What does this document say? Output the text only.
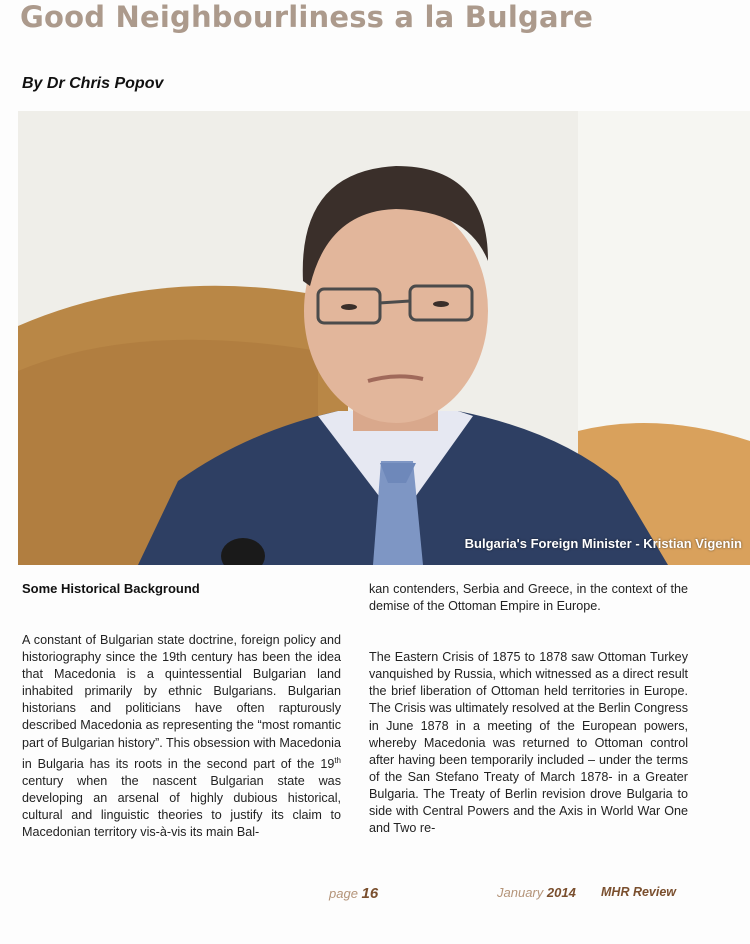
Good Neighbourliness a la Bulgare

By Dr Chris Popov

Bulgaria's Foreign Minister - Kristian Vigenin
Some Historical Background

A constant of Bulgarian state doctrine, foreign policy and historiography since the 19th century has been the idea that Macedonia is a quintessential Bulgarian land inhabited primarily by ethnic Bulgarians. Bulgarian historians and politicians have often rapturously described Macedonia as representing the “most romantic part of Bulgarian history”. This obsession with Macedonia in Bulgaria has its roots in the second part of the 19th century when the nascent Bulgarian state was developing an arsenal of highly dubious historical, cultural and linguistic theories to justify its claim to Macedonian territory vis-à-vis its main Bal-

kan contenders, Serbia and Greece, in the context of the demise of the Ottoman Empire in Europe.

The Eastern Crisis of 1875 to 1878 saw Ottoman Turkey vanquished by Russia, which witnessed as a direct result the brief liberation of Ottoman held territories in Europe. The Crisis was ultimately resolved at the Berlin Congress in June 1878 in a meeting of the European powers, whereby Macedonia was returned to Ottoman control after having been temporarily included – under the terms of the San Stefano Treaty of March 1878- in a Greater Bulgaria. The Treaty of Berlin revision drove Bulgaria to side with Central Powers and the Axis in World War One and Two re-

page 16	January 2014 MHR Review
